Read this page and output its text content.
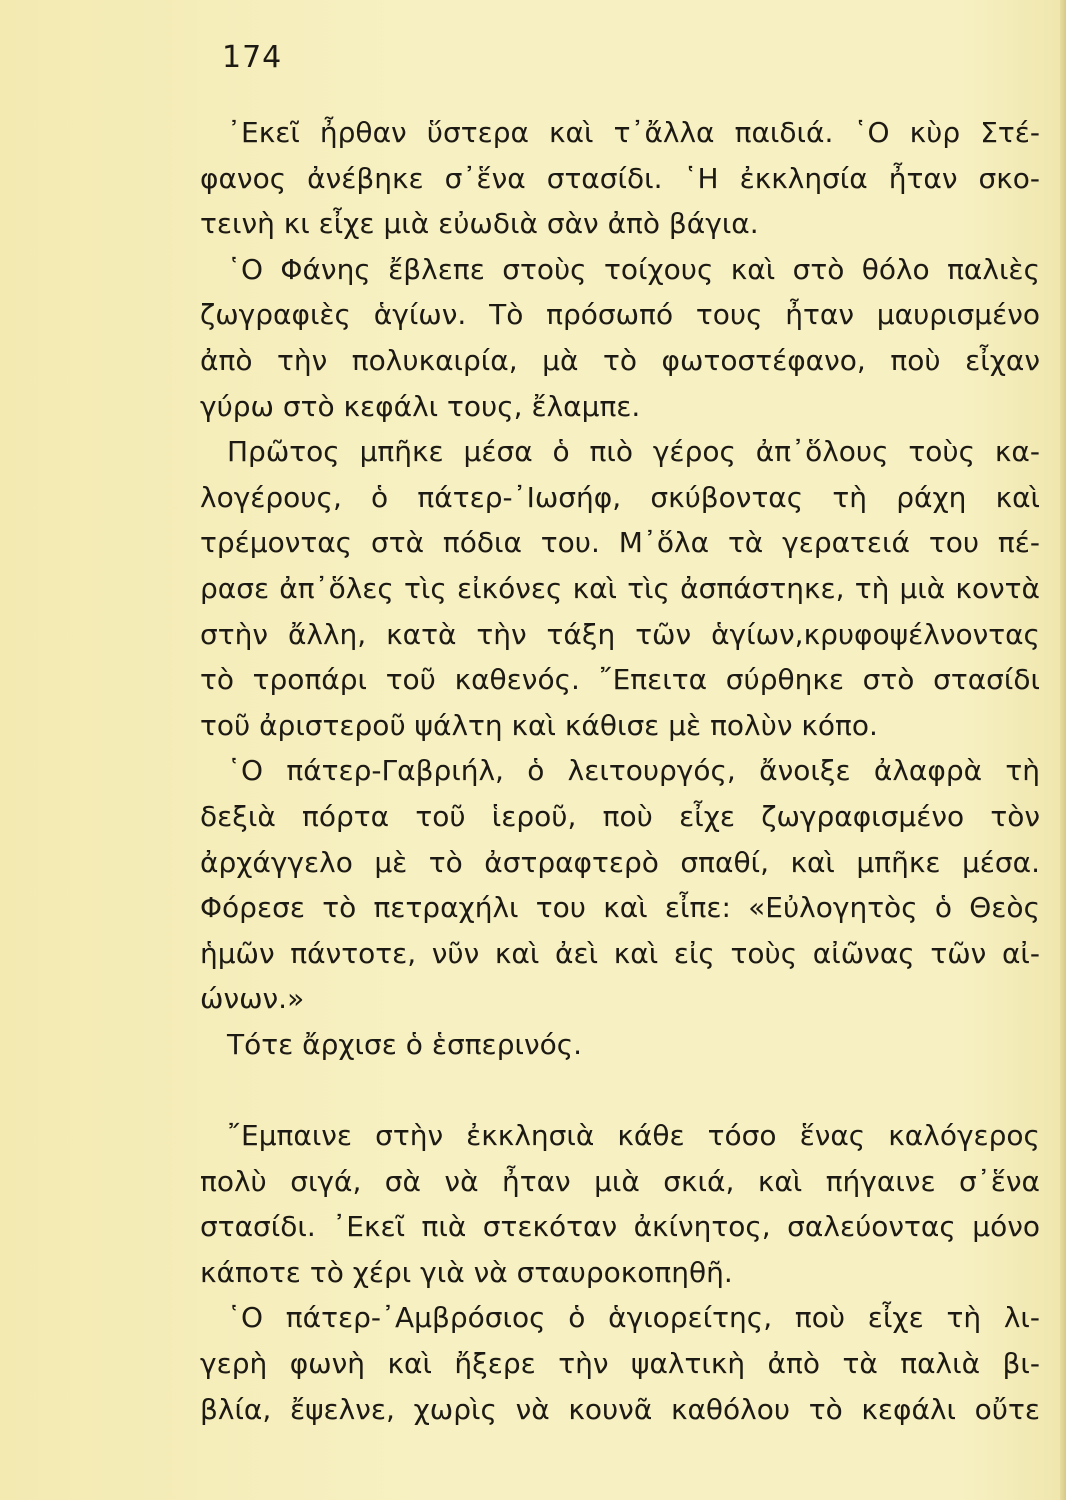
174
᾿Εκεῖ ἦρθαν ὕστερα καὶ τ᾿ἄλλα παιδιά. ῾Ο κὺρ Στέ-
φανος ἀνέβηκε σ᾿ἕνα στασίδι. ῾Η ἐκκλησία ἦταν σκο-
τεινὴ κι εἶχε μιὰ εὐωδιὰ σὰν ἀπὸ βάγια.
῾Ο Φάνης ἔβλεπε στοὺς τοίχους καὶ στὸ θόλο παλιὲς
ζωγραφιὲς ἁγίων. Τὸ πρόσωπό τους ἦταν μαυρισμένο
ἀπὸ τὴν πολυκαιρία, μὰ τὸ φωτοστέφανο, ποὺ εἶχαν
γύρω στὸ κεφάλι τους, ἔλαμπε.
Πρῶτος μπῆκε μέσα ὁ πιὸ γέρος ἀπ᾿ὅλους τοὺς κα-
λογέρους, ὁ πάτερ-᾿Ιωσήφ, σκύβοντας τὴ ράχη καὶ
τρέμοντας στὰ πόδια του. Μ᾿ὅλα τὰ γερατειά του πέ-
ρασε ἀπ᾿ὅλες τὶς εἰκόνες καὶ τὶς ἀσπάστηκε, τὴ μιὰ κοντὰ
στὴν ἄλλη, κατὰ τὴν τάξη τῶν ἁγίων,κρυφοψέλνοντας
τὸ τροπάρι τοῦ καθενός. ῎Επειτα σύρθηκε στὸ στασίδι
τοῦ ἀριστεροῦ ψάλτη καὶ κάθισε μὲ πολὺν κόπο.
῾Ο πάτερ-Γαβριήλ, ὁ λειτουργός, ἄνοιξε ἀλαφρὰ τὴ
δεξιὰ πόρτα τοῦ ἱεροῦ, ποὺ εἶχε ζωγραφισμένο τὸν
ἀρχάγγελο μὲ τὸ ἀστραφτερὸ σπαθί, καὶ μπῆκε μέσα.
Φόρεσε τὸ πετραχήλι του καὶ εἶπε: «Εὐλογητὸς ὁ Θεὸς
ἡμῶν πάντοτε, νῦν καὶ ἀεὶ καὶ εἰς τοὺς αἰῶνας τῶν αἰ-
ώνων.»
Τότε ἄρχισε ὁ ἑσπερινός.
῎Εμπαινε στὴν ἐκκλησιὰ κάθε τόσο ἕνας καλόγερος
πολὺ σιγά, σὰ νὰ ἦταν μιὰ σκιά, καὶ πήγαινε σ᾿ἕνα
στασίδι. ᾿Εκεῖ πιὰ στεκόταν ἀκίνητος, σαλεύοντας μόνο
κάποτε τὸ χέρι γιὰ νὰ σταυροκοπηθῆ.
῾Ο πάτερ-᾿Αμβρόσιος ὁ ἁγιορείτης, ποὺ εἶχε τὴ λι-
γερὴ φωνὴ καὶ ἤξερε τὴν ψαλτικὴ ἀπὸ τὰ παλιὰ βι-
βλία, ἔψελνε, χωρὶς νὰ κουνᾶ καθόλου τὸ κεφάλι οὔτε
